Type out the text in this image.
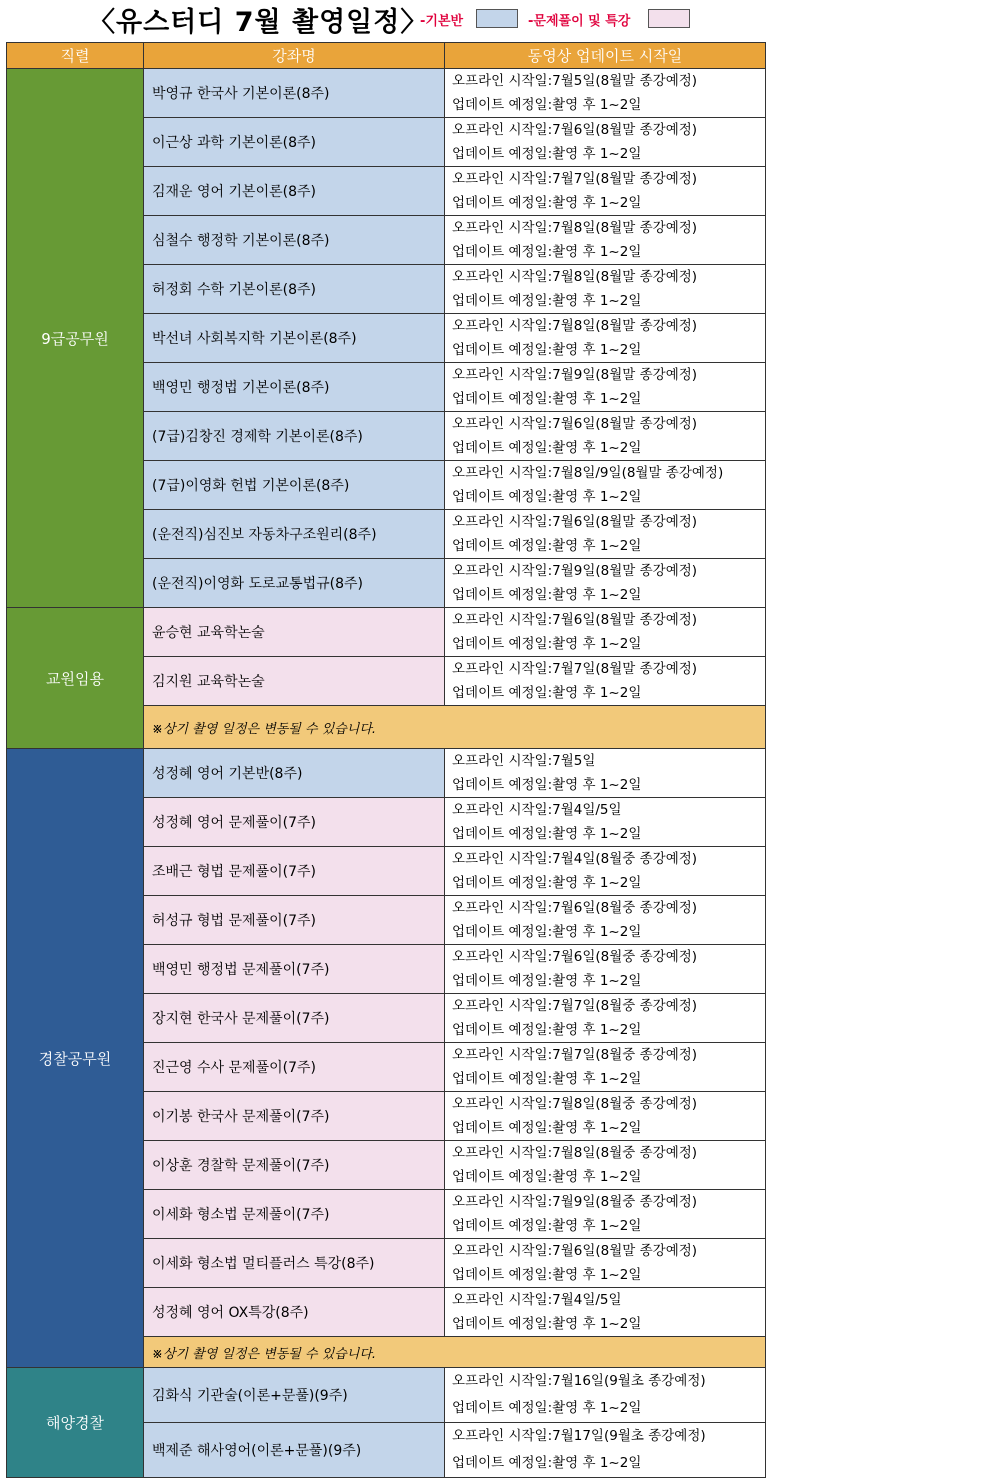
〈유스터디 7월 촬영일정〉
-기본반	-문제풀이 및 특강
직렬	강좌명	동영상 업데이트 시작일
9급공무원	박영규 한국사 기본이론(8주)	오프라인 시작일:7월5일(8월말 종강예정)
업데이트 예정일:촬영 후 1~2일

	이근상 과학 기본이론(8주)	오프라인 시작일:7월6일(8월말 종강예정)
업데이트 예정일:촬영 후 1~2일

	김재운 영어 기본이론(8주)	오프라인 시작일:7월7일(8월말 종강예정)
업데이트 예정일:촬영 후 1~2일

	심철수 행정학 기본이론(8주)	오프라인 시작일:7월8일(8월말 종강예정)
업데이트 예정일:촬영 후 1~2일

	허정회 수학 기본이론(8주)	오프라인 시작일:7월8일(8월말 종강예정)
업데이트 예정일:촬영 후 1~2일

	박선녀 사회복지학 기본이론(8주)	오프라인 시작일:7월8일(8월말 종강예정)
업데이트 예정일:촬영 후 1~2일

	백영민 행정법 기본이론(8주)	오프라인 시작일:7월9일(8월말 종강예정)
업데이트 예정일:촬영 후 1~2일

	(7급)김창진 경제학 기본이론(8주)	오프라인 시작일:7월6일(8월말 종강예정)
업데이트 예정일:촬영 후 1~2일

	(7급)이영화 헌법 기본이론(8주)	오프라인 시작일:7월8일/9일(8월말 종강예정)
업데이트 예정일:촬영 후 1~2일

	(운전직)심진보 자동차구조원리(8주)	오프라인 시작일:7월6일(8월말 종강예정)
업데이트 예정일:촬영 후 1~2일

	(운전직)이영화 도로교통법규(8주)	오프라인 시작일:7월9일(8월말 종강예정)
업데이트 예정일:촬영 후 1~2일

교원임용	윤승현 교육학논술	오프라인 시작일:7월6일(8월말 종강예정)
업데이트 예정일:촬영 후 1~2일

	김지원 교육학논술	오프라인 시작일:7월7일(8월말 종강예정)
업데이트 예정일:촬영 후 1~2일

	※상기 촬영 일정은 변동될 수 있습니다.	
경찰공무원	성정혜 영어 기본반(8주)	오프라인 시작일:7월5일
업데이트 예정일:촬영 후 1~2일

	성정혜 영어 문제풀이(7주)	오프라인 시작일:7월4일/5일
업데이트 예정일:촬영 후 1~2일

	조배근 형법 문제풀이(7주)	오프라인 시작일:7월4일(8월중 종강예정)
업데이트 예정일:촬영 후 1~2일

	허성규 형법 문제풀이(7주)	오프라인 시작일:7월6일(8월중 종강예정)
업데이트 예정일:촬영 후 1~2일

	백영민 행정법 문제풀이(7주)	오프라인 시작일:7월6일(8월중 종강예정)
업데이트 예정일:촬영 후 1~2일

	장지현 한국사 문제풀이(7주)	오프라인 시작일:7월7일(8월중 종강예정)
업데이트 예정일:촬영 후 1~2일

	진근영 수사 문제풀이(7주)	오프라인 시작일:7월7일(8월중 종강예정)
업데이트 예정일:촬영 후 1~2일

	이기봉 한국사 문제풀이(7주)	오프라인 시작일:7월8일(8월중 종강예정)
업데이트 예정일:촬영 후 1~2일

	이상훈 경찰학 문제풀이(7주)	오프라인 시작일:7월8일(8월중 종강예정)
업데이트 예정일:촬영 후 1~2일

	이세화 형소법 문제풀이(7주)	오프라인 시작일:7월9일(8월중 종강예정)
업데이트 예정일:촬영 후 1~2일

	이세화 형소법 멀티플러스 특강(8주)	오프라인 시작일:7월6일(8월말 종강예정)
업데이트 예정일:촬영 후 1~2일

	성정혜 영어 OX특강(8주)	오프라인 시작일:7월4일/5일
업데이트 예정일:촬영 후 1~2일

	※상기 촬영 일정은 변동될 수 있습니다.	
해양경찰	김화식 기관술(이론+문풀)(9주)	오프라인 시작일:7월16일(9월초 종강예정)
업데이트 예정일:촬영 후 1~2일

	백제준 해사영어(이론+문풀)(9주)	오프라인 시작일:7월17일(9월초 종강예정)
업데이트 예정일:촬영 후 1~2일
